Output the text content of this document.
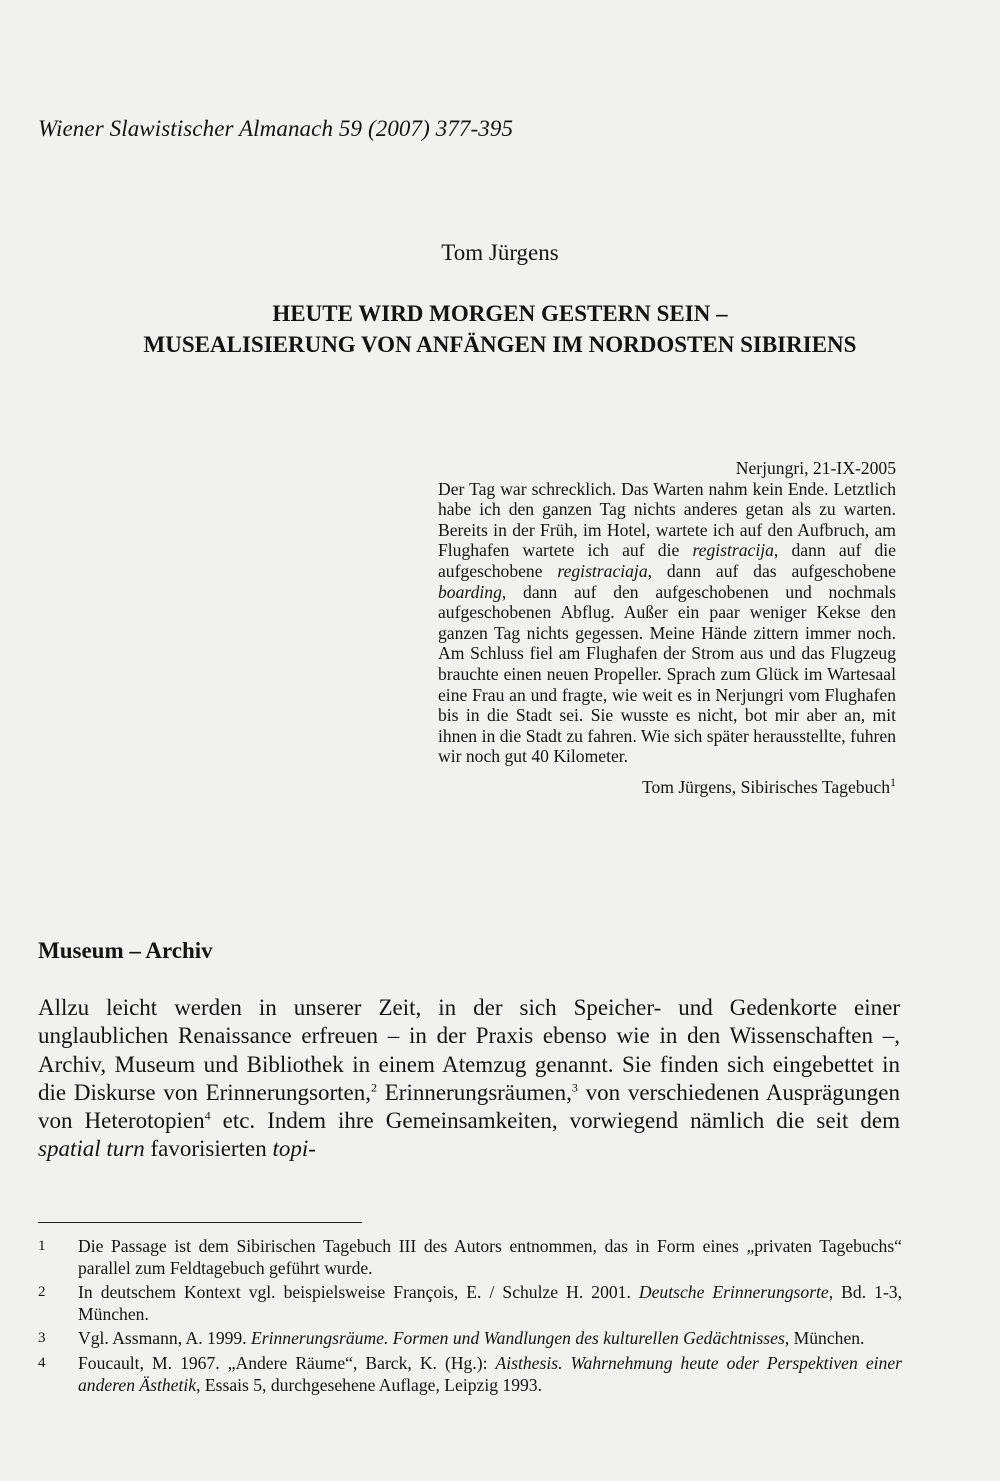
Wiener Slawistischer Almanach 59 (2007) 377-395
Tom Jürgens
HEUTE WIRD MORGEN GESTERN SEIN –
MUSEALISIERUNG VON ANFÄNGEN IM NORDOSTEN SIBIRIENS
Nerjungri, 21-IX-2005
Der Tag war schrecklich. Das Warten nahm kein Ende. Letztlich habe ich den ganzen Tag nichts anderes getan als zu warten. Bereits in der Früh, im Hotel, wartete ich auf den Aufbruch, am Flughafen wartete ich auf die registracija, dann auf die aufgeschobene registraciaja, dann auf das aufgeschobene boarding, dann auf den aufgeschobenen und nochmals aufgeschobenen Abflug. Außer ein paar weniger Kekse den ganzen Tag nichts gegessen. Meine Hände zittern immer noch. Am Schluss fiel am Flughafen der Strom aus und das Flugzeug brauchte einen neuen Propeller. Sprach zum Glück im Wartesaal eine Frau an und fragte, wie weit es in Nerjungri vom Flughafen bis in die Stadt sei. Sie wusste es nicht, bot mir aber an, mit ihnen in die Stadt zu fahren. Wie sich später herausstellte, fuhren wir noch gut 40 Kilometer.
Tom Jürgens, Sibirisches Tagebuch$^1$
Museum – Archiv
Allzu leicht werden in unserer Zeit, in der sich Speicher- und Gedenkorte einer unglaublichen Renaissance erfreuen – in der Praxis ebenso wie in den Wissenschaften –, Archiv, Museum und Bibliothek in einem Atemzug genannt. Sie finden sich eingebettet in die Diskurse von Erinnerungsorten,$^2$ Erinnerungsräumen,$^3$ von verschiedenen Ausprägungen von Heterotopien$^4$ etc. Indem ihre Gemeinsamkeiten, vorwiegend nämlich die seit dem spatial turn favorisierten topi-
1	Die Passage ist dem Sibirischen Tagebuch III des Autors entnommen, das in Form eines „privaten Tagebuchs“ parallel zum Feldtagebuch geführt wurde.
2	In deutschem Kontext vgl. beispielsweise François, E. / Schulze H. 2001. Deutsche Erinnerungsorte, Bd. 1-3, München.
3	Vgl. Assmann, A. 1999. Erinnerungsräume. Formen und Wandlungen des kulturellen Gedächtnisses, München.
4	Foucault, M. 1967. „Andere Räume“, Barck, K. (Hg.): Aisthesis. Wahrnehmung heute oder Perspektiven einer anderen Ästhetik, Essais 5, durchgesehene Auflage, Leipzig 1993.
